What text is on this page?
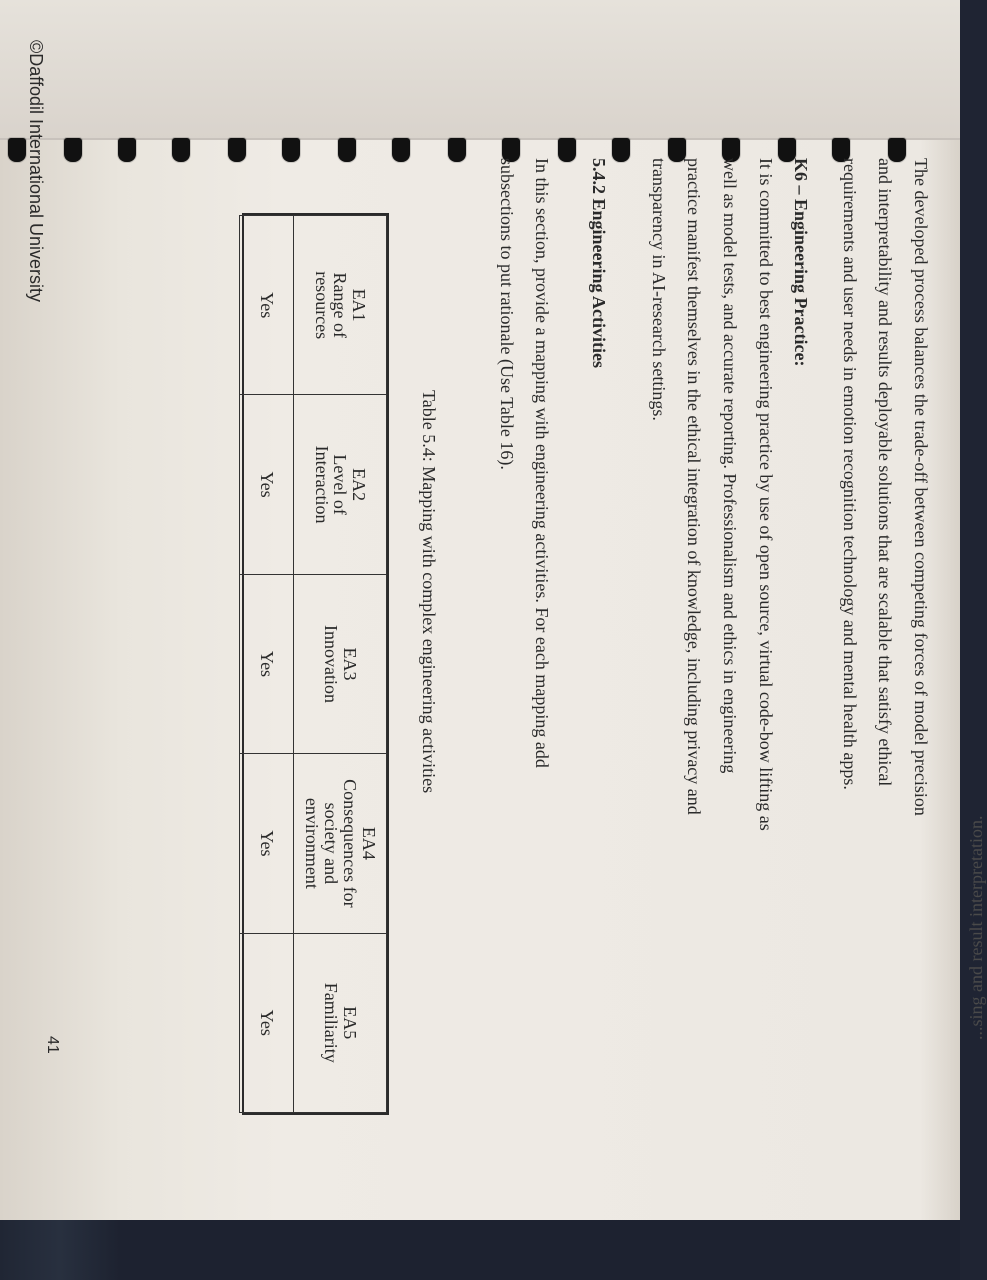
...sing and result interpretation.
The developed process balances the trade-off between competing forces of model precision
and interpretability and results deployable solutions that are scalable that satisfy ethical
requirements and user needs in emotion recognition technology and mental health apps.
K6 – Engineering Practice:
It is committed to best engineering practice by use of open source, virtual code-bow lifting as
well as model tests, and accurate reporting. Professionalism and ethics in engineering
practice manifest themselves in the ethical integration of knowledge, including privacy and
transparency in AI-research settings.
5.4.2 Engineering Activities
In this section, provide a mapping with engineering activities. For each mapping add
subsections to put rationale (Use Table 16).
Table 5.4: Mapping with complex engineering activities
EA1
Range of
resources	EA2
Level of
Interaction	EA3
Innovation	EA4
Consequences for
society and
environment	EA5
Familiarity

Yes	Yes	Yes	Yes	Yes
©Daffodil International University
41
